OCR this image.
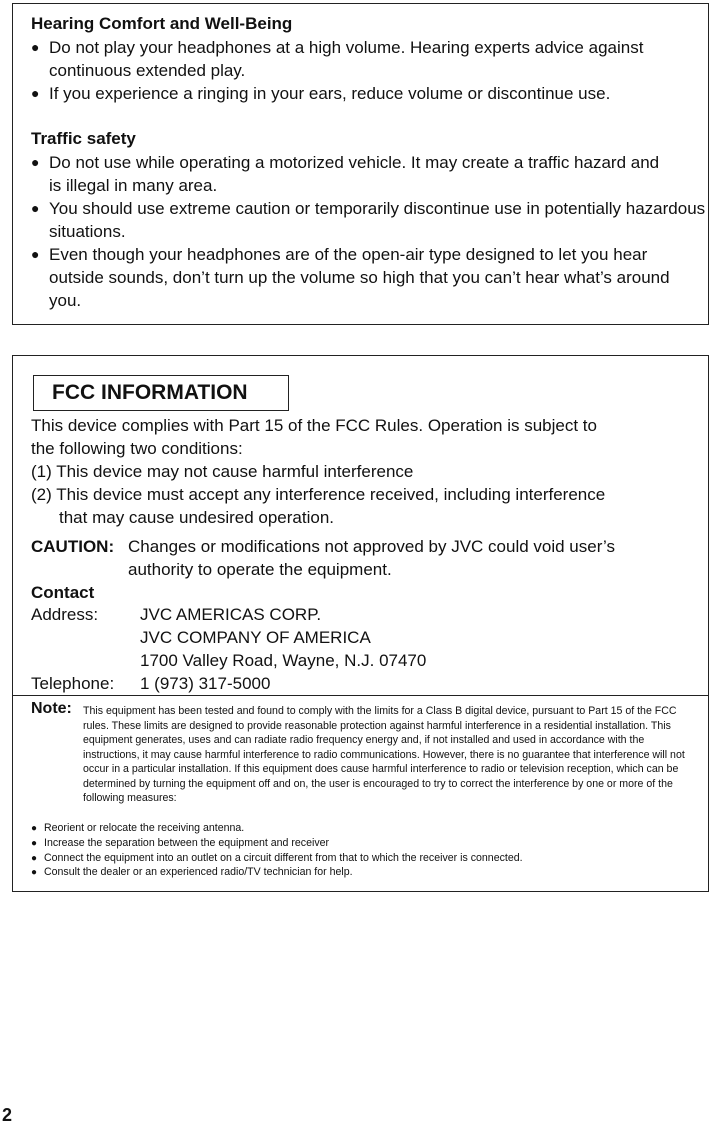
Hearing Comfort and Well-Being
● Do not play your headphones at a high volume. Hearing experts advice against continuous extended play.
● If you experience a ringing in your ears, reduce volume or discontinue use.
Traffic safety
● Do not use while operating a motorized vehicle. It may create a traffic hazard and is illegal in many area.
● You should use extreme caution or temporarily discontinue use in potentially hazardous situations.
● Even though your headphones are of the open-air type designed to let you hear outside sounds, don’t turn up the volume so high that you can’t hear what’s around you.
FCC INFORMATION
This device complies with Part 15 of the FCC Rules. Operation is subject to
the following two conditions:
(1) This device may not cause harmful interference
(2) This device must accept any interference received, including interference
that may cause undesired operation.
CAUTION: Changes or modifications not approved by JVC could void user’s
authority to operate the equipment.
Contact
Address: JVC AMERICAS CORP.
JVC COMPANY OF AMERICA
1700 Valley Road, Wayne, N.J. 07470
Telephone: 1 (973) 317-5000
Note: This equipment has been tested and found to comply with the limits for a Class B digital device, pursuant to Part 15 of the FCC rules. These limits are designed to provide reasonable protection against harmful interference in a residential installation. This equipment generates, uses and can radiate radio frequency energy and, if not installed and used in accordance with the instructions, it may cause harmful interference to radio communications. However, there is no guarantee that interference will not occur in a particular installation. If this equipment does cause harmful interference to radio or television reception, which can be determined by turning the equipment off and on, the user is encouraged to try to correct the interference by one or more of the following measures:
● Reorient or relocate the receiving antenna.
● Increase the separation between the equipment and receiver
● Connect the equipment into an outlet on a circuit different from that to which the receiver is connected.
● Consult the dealer or an experienced radio/TV technician for help.
2
